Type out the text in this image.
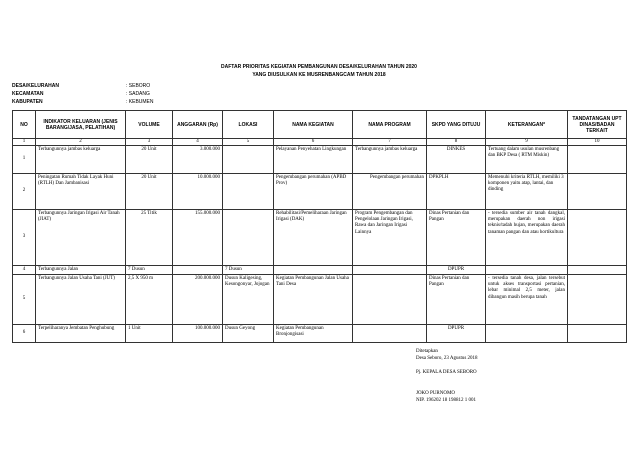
DAFTAR PRIORITAS KEGIATAN PEMBANGUNAN DESA/KELURAHAN TAHUN 2020
YANG DIUSULKAN KE MUSRENBANGCAM TAHUN 2018
DESA/KELURAHAN	: SEBORO
KECAMATAN	: SADANG
KABUPATEN	: KEBUMEN
NO	INDIKATOR KELUARAN (JENIS BARANG/JASA, PELATIHAN)	VOLUME	ANGGARAN (Rp)	LOKASI	NAMA KEGIATAN	NAMA PROGRAM	SKPD YANG DITUJU	KETERANGAN*	TANDATANGAN UPT DINAS/BADAN TERKAIT
1	2	3	4	5	6	7	8	9	10
1	Terbangunnya jambas keluarga	20 Unit	3.000.000		Pelayanan Penyehatan Lingkungan	Terbangunnya jambas keluarga	DINKES	Tertuang dalam usulan musrenbang dan BKP Desa ( RTM Miskin)	
2	Peningatan Rumah Tidak Layak Huni (RTLH) Dan Jambanisasi	20 Unit	10.000.000		Pengembangan perumahan (APBD Prov)	Pengembangan perumahan	DPKPLH	Memenuhi kriteria RTLH, memiliki 3 komponen yaitu atap, lantai, dan dinding	
3	Terbangunnya Jaringan Irigasi Air Tanah (JIAT)	25 Titik	155.000.000		Rehabilitasi/Pemeliharaan Jaringan Irigasi (DAK)	Program Pengembangan dan Pengelolaan Jaringan Irigasi, Rawa dan Jaringan Irigasi Lainnya	Dinas Pertanian dan Pangan	- tersedia sumber air tanah dangkal, merupakan daerah non irigasi teknis/tadah hujan, merupakan daerah tanaman pangan dan atau hortikultura	
4	Terbangunnya Jalan	7 Dusun		7 Dusun			DPUPR		
5	Terbangunnya Jalan Usaha Tani (JUT)	2,5 X 950 m	200.000.000	Dusun Kaligesing, Kesongonyar, Jojogan	Kegiatan Pembangunan Jalan Usaha Tani Desa		Dinas Pertanian dan Pangan	- tersedia tanah desa, jalan tersebut untuk akses transportasi pertanian, lebar minimal 2,5 meter, jalan dibangun masih berupa tanah	
6	Terpeliharanya Jembatan Penghubung	1 Unit	100.000.000	Dusun Geyong	Kegiatan Pembangunan Bronjongisasi		DPUPR		
Ditetapkan
Desa Seboro, 23 Agustus 2018
Pj. KEPALA DESA SEBORO
JOKO PURNOMO
NIP. 196202 18 198812 1 001
